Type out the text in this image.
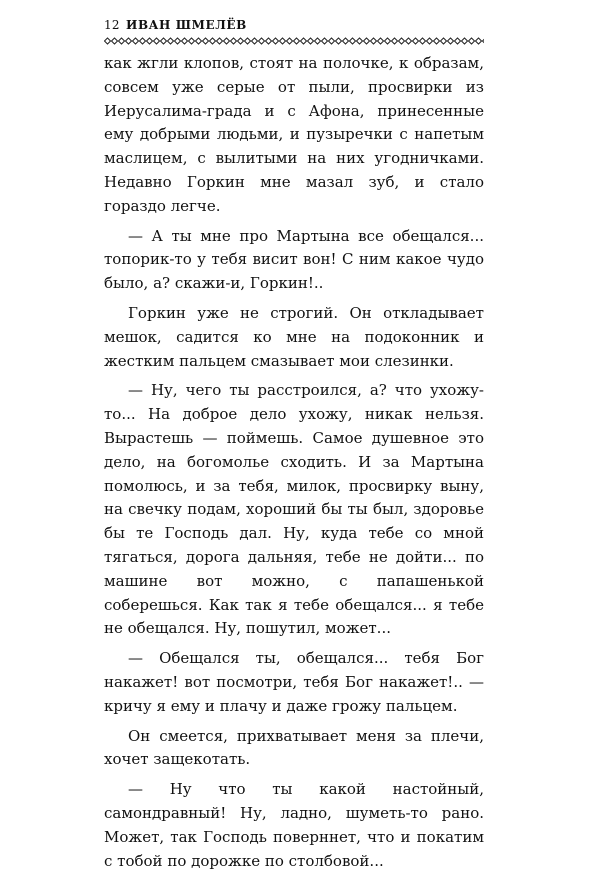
12 ИВАН ШМЕЛЁВ

как жгли клопов, стоят на полочке, к образам, совсем уже серые от пыли, просвирки из Иерусалима-града и с Афона, принесенные ему добрыми людьми, и пузыречки с напетым маслицем, с вылитыми на них угодничками. Недавно Горкин мне мазал зуб, и стало гораздо легче.

— А ты мне про Мартына все обещался... топорик-то у тебя висит вон! С ним какое чудо было, а? скажи-и, Горкин!..

Горкин уже не строгий. Он откладывает мешок, садится ко мне на подоконник и жестким пальцем смазывает мои слезинки.

— Ну, чего ты расстроился, а? что ухожу-то... На доброе дело ухожу, никак нельзя. Вырастешь — поймешь. Самое душевное это дело, на богомолье сходить. И за Мартына помолюсь, и за тебя, милок, просвирку выну, на свечку подам, хороший бы ты был, здоровье бы те Господь дал. Ну, куда тебе со мной тягаться, дорога дальняя, тебе не дойти... по машине вот можно, с папашенькой соберешься. Как так я тебе обещался... я тебе не обещался. Ну, пошутил, может...

— Обещался ты, обещался... тебя Бог накажет! вот посмотри, тебя Бог накажет!.. — кричу я ему и плачу и даже грожу пальцем.

Он смеется, прихватывает меня за плечи, хочет защекотать.

— Ну что ты какой настойный, самондравный! Ну, ладно, шуметь-то рано. Может, так Господь поверннет, что и покатим с тобой по дорожке по столбовой...
